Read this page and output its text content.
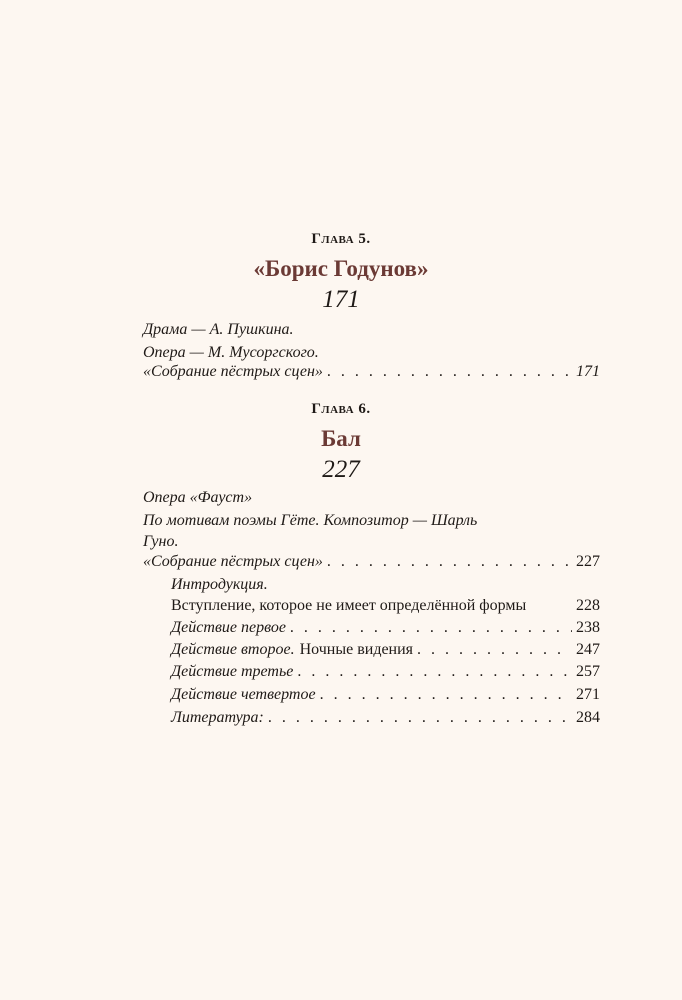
Глава 5.
«Борис Годунов»
171
Драма — А. Пушкина.
Опера — М. Мусоргского.
«Собрание пёстрых сцен» . . .	171
Глава 6.
Бал
227
Опера «Фауст»
По мотивам поэмы Гёте. Композитор — Шарль
Гуно.
«Собрание пёстрых сцен» . . .	227
Интродукция.
Вступление, которое не имеет определённой формы	228
Действие первое . . .	238
Действие второе. Ночные видения . . .	247
Действие третье . . .	257
Действие четвертое . . .	271
Литература: . . .	284
